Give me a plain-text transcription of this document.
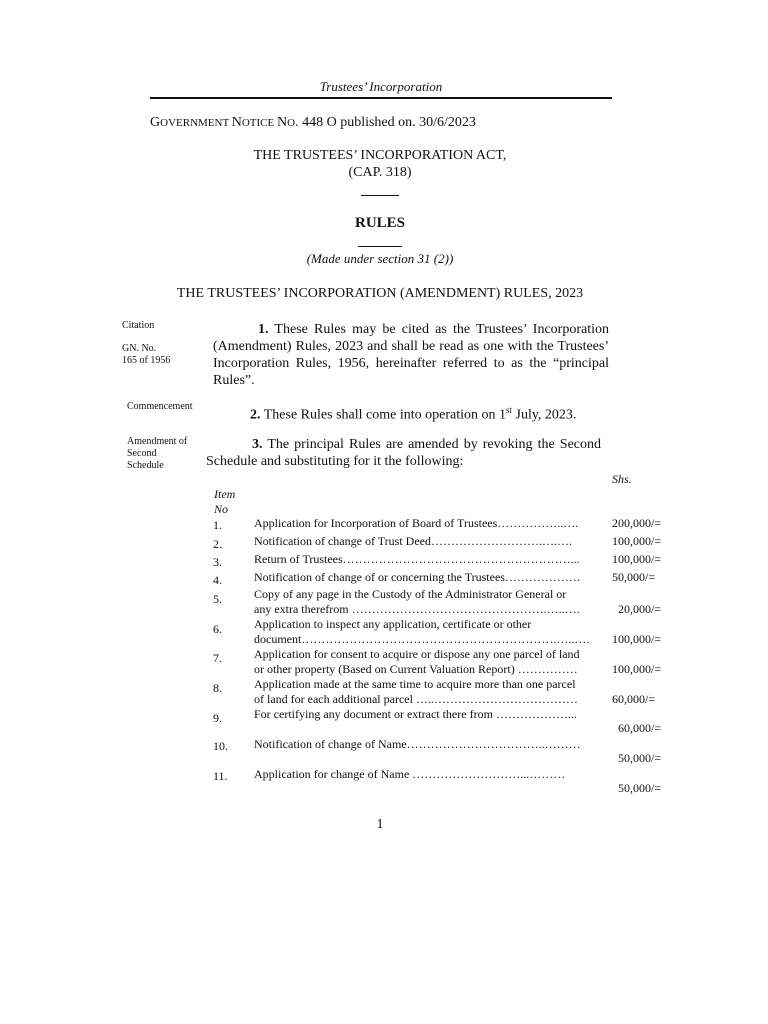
Trustees’ Incorporation
GOVERNMENT NOTICE NO. 448 O published on. 30/6/2023
THE TRUSTEES’ INCORPORATION ACT,
(CAP. 318)
RULES
(Made under section 31 (2))
THE TRUSTEES’ INCORPORATION (AMENDMENT) RULES, 2023
Citation
GN. No.
165 of 1956
Commencement
Amendment of
Second
Schedule
1. These Rules may be cited as the Trustees’ Incorporation (Amendment) Rules, 2023 and shall be read as one with the Trustees’ Incorporation Rules, 1956, hereinafter referred to as the “principal Rules”.
2. These Rules shall come into operation on 1st July, 2023.
3. The principal Rules are amended by revoking the Second Schedule and substituting for it the following:
Shs.
Item
No
1.	Application for Incorporation of Board of Trustees……………..….	200,000/=
2.	Notification of change of Trust Deed……………………….….….	100,000/=
3.	Return of Trustees…………………………………………………...	100,000/=
4.	Notification of change of or concerning the Trustees……………….	50,000/=
5.	Copy of any page in the Custody of the Administrator General or
any extra therefrom ………………………………………….…..….	20,000/=
6.	Application to inspect any application, certificate or other
document……………………………………………………….…..….	100,000/=
7.	Application for consent to acquire or dispose any one parcel of land
or other property (Based on Current Valuation Report) ……………	100,000/=
8.	Application made at the same time to acquire more than one parcel
of land for each additional parcel …..………………………………	60,000/=
9.	For certifying any document or extract there from ………………...
60,000/=
10. Notification of change of Name……………………………..………
50,000/=
11. Application for change of Name ………………………...………
50,000/=
1
